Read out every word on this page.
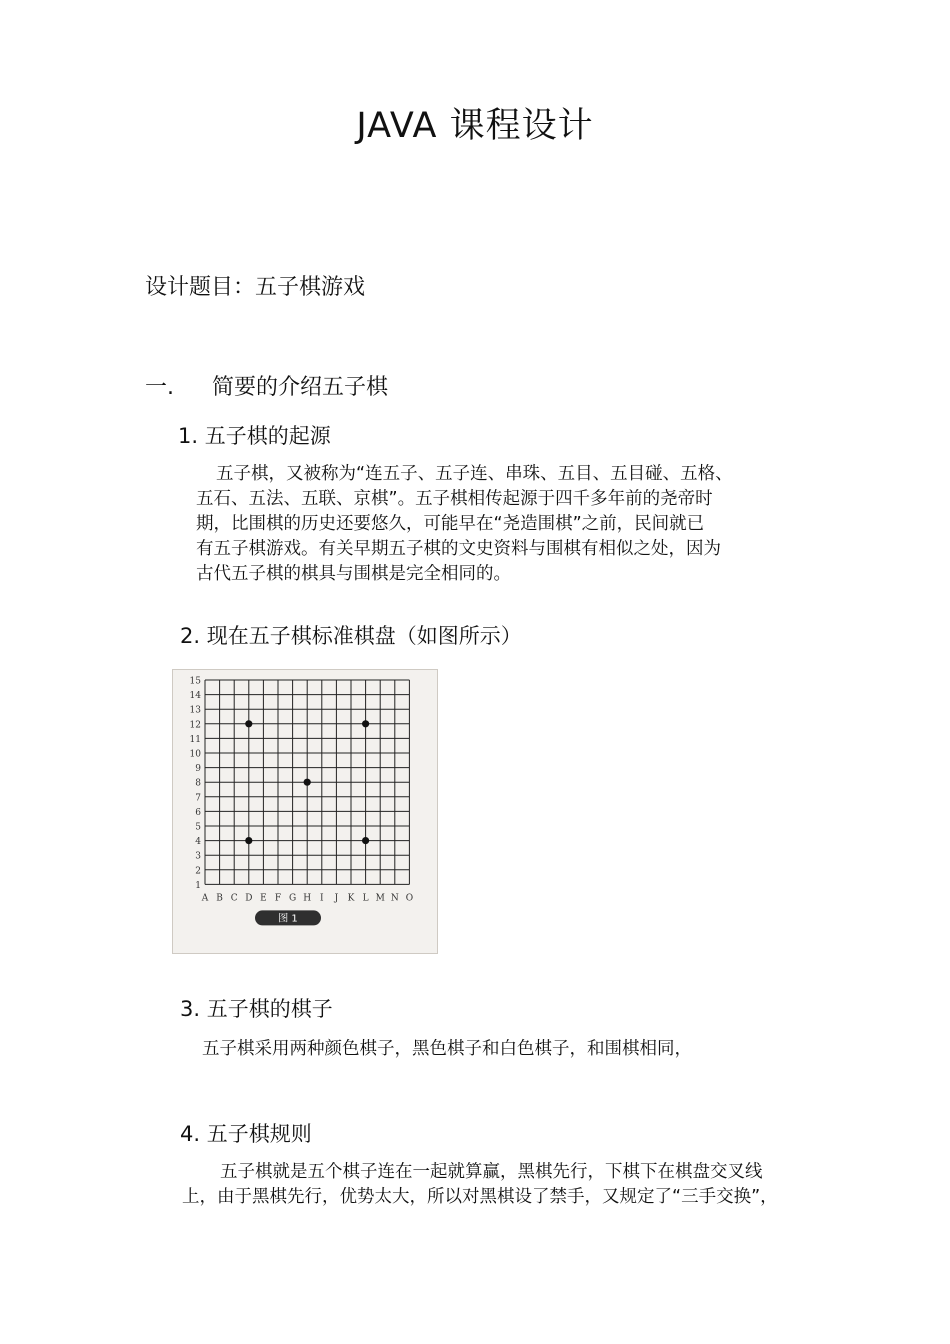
JAVA 课程设计
设计题目：五子棋游戏
一. 简要的介绍五子棋
1. 五子棋的起源
五子棋，又被称为“连五子、五子连、串珠、五目、五目碰、五格、
五石、五法、五联、京棋”。五子棋相传起源于四千多年前的尧帝时
期，比围棋的历史还要悠久，可能早在“尧造围棋”之前，民间就已
有五子棋游戏。有关早期五子棋的文史资料与围棋有相似之处，因为
古代五子棋的棋具与围棋是完全相同的。
2. 现在五子棋标准棋盘（如图所示）
15
14
13
12
11
10
9
8
7
6
5
4
3
2
1
A B C D E F G H I J K L M N O
图 1
3. 五子棋的棋子
五子棋采用两种颜色棋子，黑色棋子和白色棋子，和围棋相同，
4. 五子棋规则
五子棋就是五个棋子连在一起就算赢，黑棋先行，下棋下在棋盘交叉线
上，由于黑棋先行，优势太大，所以对黑棋设了禁手，又规定了“三手交换”，
